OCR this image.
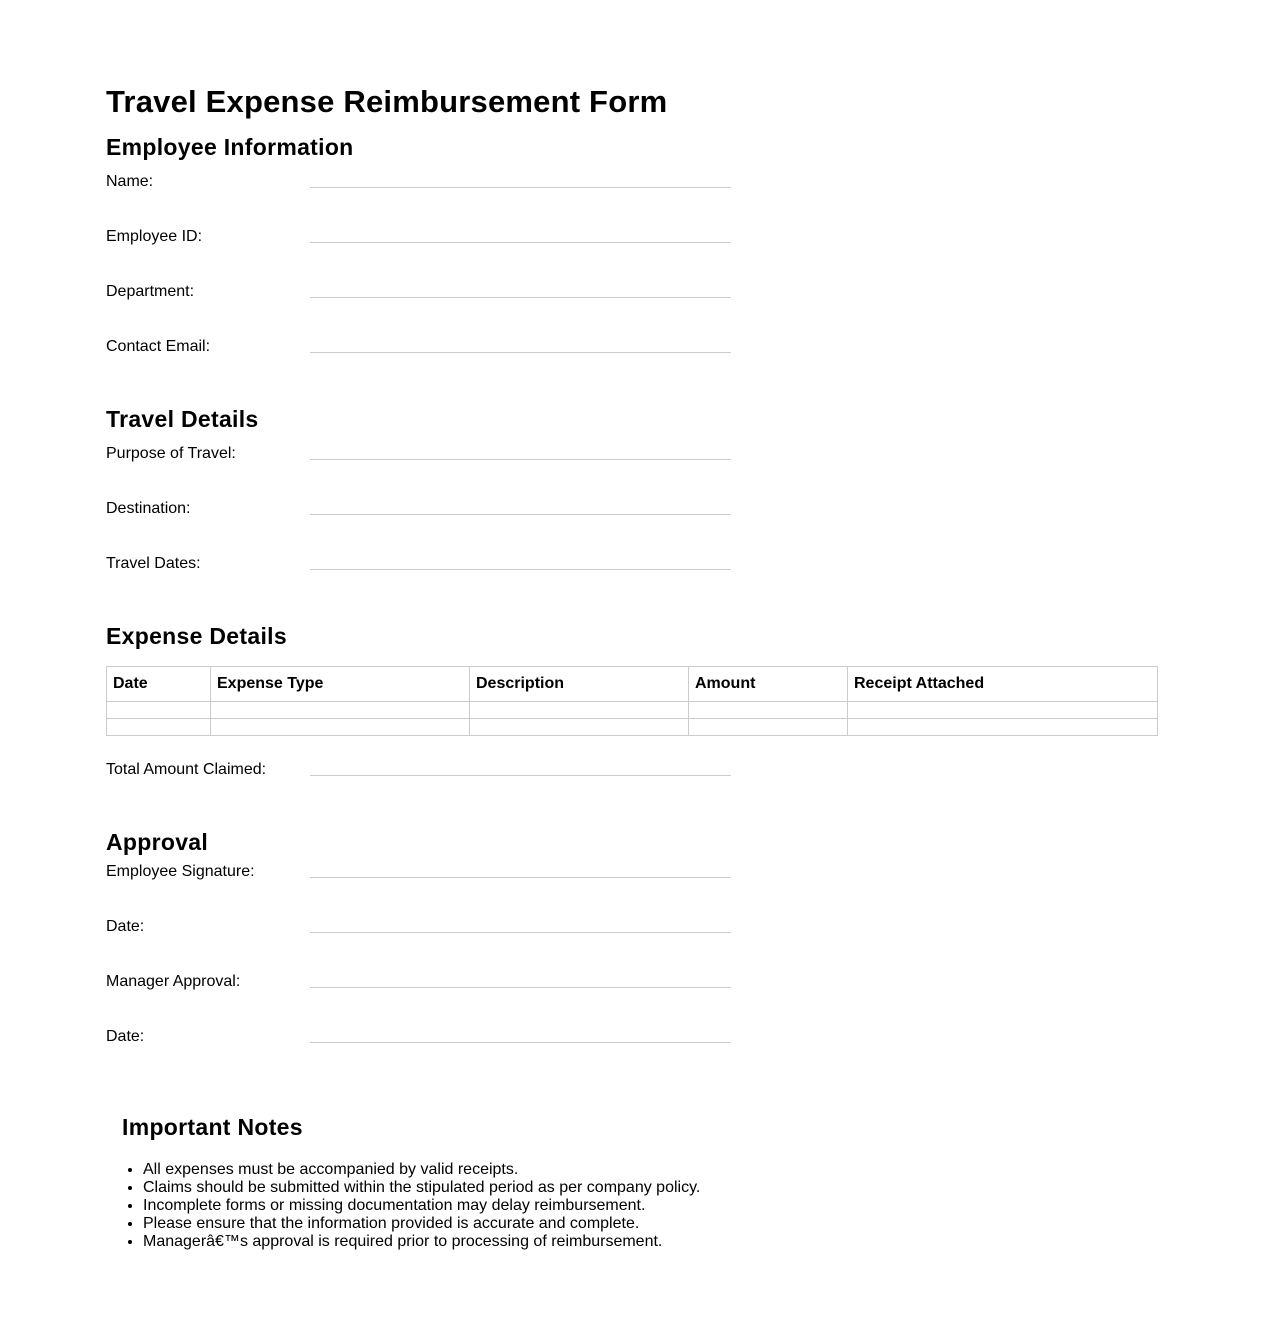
Travel Expense Reimbursement Form
Employee Information
Name:
Employee ID:
Department:
Contact Email:
Travel Details
Purpose of Travel:
Destination:
Travel Dates:
Expense Details
Date	Expense Type	Description	Amount	Receipt Attached

Total Amount Claimed:
Approval
Employee Signature:
Date:
Manager Approval:
Date:
Important Notes
• All expenses must be accompanied by valid receipts.
• Claims should be submitted within the stipulated period as per company policy.
• Incomplete forms or missing documentation may delay reimbursement.
• Please ensure that the information provided is accurate and complete.
• Managerâ€™s approval is required prior to processing of reimbursement.
